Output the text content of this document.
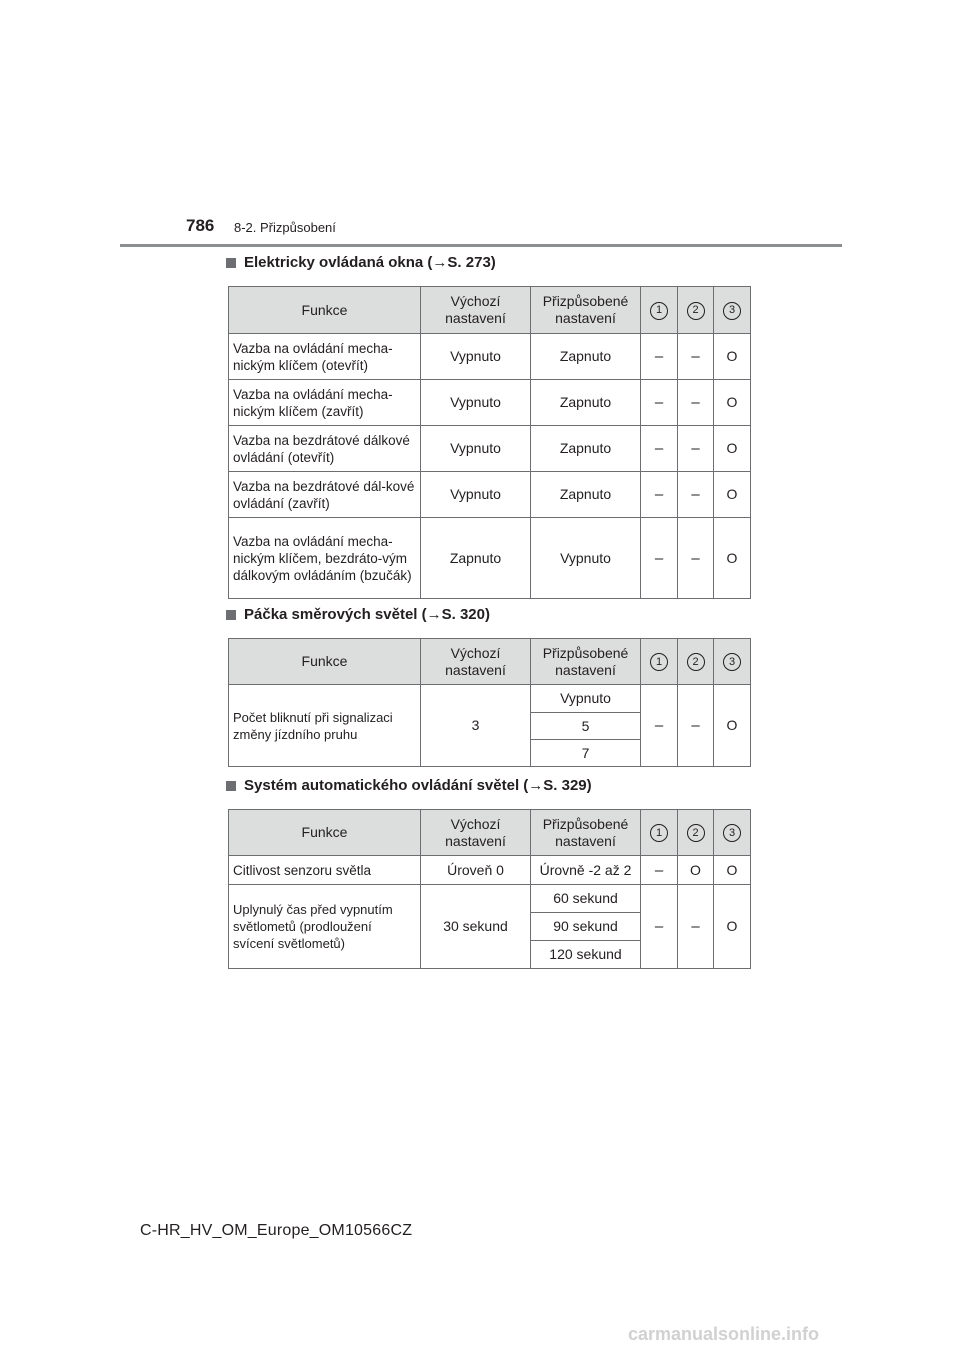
786 8-2. Přizpůsobení
Elektricky ovládaná okna (→S. 273)
Funkce	Výchozí nastavení	Přizpůsobené nastavení	1	2	3
Vazba na ovládání mecha-nickým klíčem (otevřít)	Vypnuto	Zapnuto	–	–	O
Vazba na ovládání mecha-nickým klíčem (zavřít)	Vypnuto	Zapnuto	–	–	O
Vazba na bezdrátové dálkové ovládání (otevřít)	Vypnuto	Zapnuto	–	–	O
Vazba na bezdrátové dál-kové ovládání (zavřít)	Vypnuto	Zapnuto	–	–	O
Vazba na ovládání mecha-nickým klíčem, bezdráto-vým dálkovým ovládáním (bzučák)	Zapnuto	Vypnuto	–	–	O
Páčka směrových světel (→S. 320)
Funkce	Výchozí nastavení	Přizpůsobené nastavení	1	2	3
Počet bliknutí při signalizaci změny jízdního pruhu	3	Vypnuto	–	–	O
		5			
		7			
Systém automatického ovládání světel (→S. 329)
Funkce	Výchozí nastavení	Přizpůsobené nastavení	1	2	3
Citlivost senzoru světla	Úroveň 0	Úrovně -2 až 2	–	O	O
Uplynulý čas před vypnutím světlometů (prodloužení svícení světlometů)	30 sekund	60 sekund	–	–	O
		90 sekund			
		120 sekund			
C-HR_HV_OM_Europe_OM10566CZ
carmanualsonline.info
